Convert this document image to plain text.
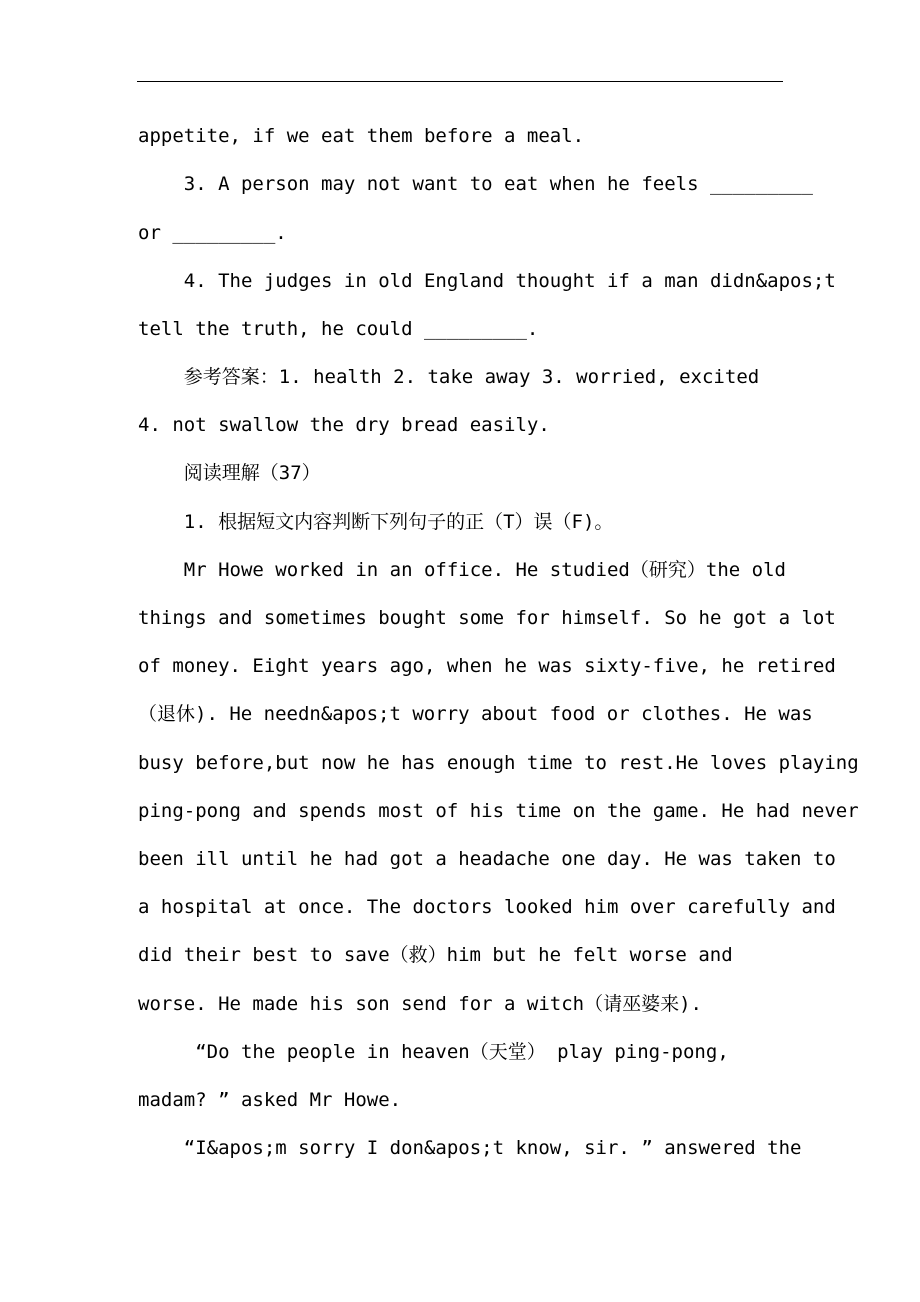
appetite, if we eat them before a meal.
3. A person may not want to eat when he feels _________
or _________.
4. The judges in old England thought if a man didn&apos;t
tell the truth, he could _________.
参考答案：1. health 2. take away 3. worried, excited
4. not swallow the dry bread easily.
阅读理解（37）
1. 根据短文内容判断下列句子的正（T）误（F)。
Mr Howe worked in an office. He studied（研究）the old
things and sometimes bought some for himself. So he got a lot
of money. Eight years ago, when he was sixty-five, he retired
（退休). He needn&apos;t worry about food or clothes. He was
busy before,but now he has enough time to rest.He loves playing
ping-pong and spends most of his time on the game. He had never
been ill until he had got a headache one day. He was taken to
a hospital at once. The doctors looked him over carefully and
did their best to save（救）him but he felt worse and
worse. He made his son send for a witch（请巫婆来).
“Do the people in heaven（天堂） play ping-pong,
madam? ” asked Mr Howe.
“I&apos;m sorry I don&apos;t know, sir. ” answered the
